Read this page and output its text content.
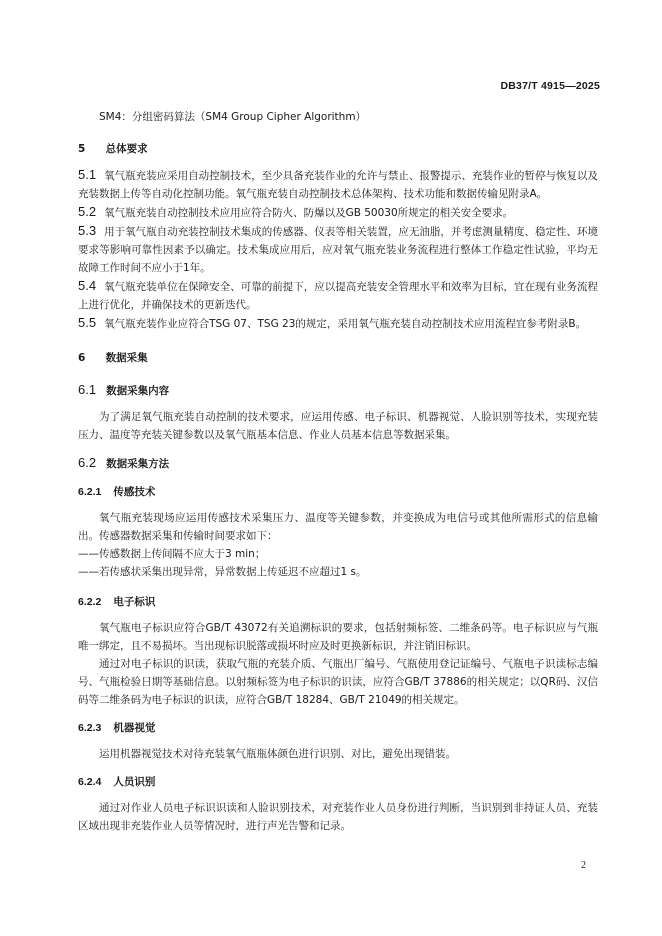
DB37/T 4915—2025

SM4：分组密码算法（SM4 Group Cipher Algorithm）

5 总体要求

5.1 氧气瓶充装应采用自动控制技术，至少具备充装作业的允许与禁止、报警提示、充装作业的暂停与恢复以及充装数据上传等自动化控制功能。氧气瓶充装自动控制技术总体架构、技术功能和数据传输见附录A。

5.2 氧气瓶充装自动控制技术应用应符合防火、防爆以及GB 50030所规定的相关安全要求。

5.3 用于氧气瓶自动充装控制技术集成的传感器、仪表等相关装置，应无油脂，并考虑测量精度、稳定性、环境要求等影响可靠性因素予以确定。技术集成应用后，应对氧气瓶充装业务流程进行整体工作稳定性试验，平均无故障工作时间不应小于1年。

5.4 氧气瓶充装单位在保障安全、可靠的前提下，应以提高充装安全管理水平和效率为目标，宜在现有业务流程上进行优化，并确保技术的更新迭代。

5.5 氧气瓶充装作业应符合TSG 07、TSG 23的规定，采用氧气瓶充装自动控制技术应用流程宜参考附录B。

6 数据采集

6.1 数据采集内容

为了满足氧气瓶充装自动控制的技术要求，应运用传感、电子标识、机器视觉、人脸识别等技术，实现充装压力、温度等充装关键参数以及氧气瓶基本信息、作业人员基本信息等数据采集。

6.2 数据采集方法

6.2.1 传感技术

氧气瓶充装现场应运用传感技术采集压力、温度等关键参数，并变换成为电信号或其他所需形式的信息输出。传感器数据采集和传输时间要求如下：

——传感数据上传间隔不应大于3 min；

——若传感状采集出现异常，异常数据上传延迟不应超过1 s。

6.2.2 电子标识

氧气瓶电子标识应符合GB/T 43072有关追溯标识的要求，包括射频标签、二维条码等。电子标识应与气瓶唯一绑定，且不易损坏。当出现标识脱落或损坏时应及时更换新标识，并注销旧标识。

通过对电子标识的识读，获取气瓶的充装介质、气瓶出厂编号、气瓶使用登记证编号、气瓶电子识读标志编号、气瓶检验日期等基础信息。以射频标签为电子标识的识读，应符合GB/T 37886的相关规定；以QR码、汉信码等二维条码为电子标识的识读，应符合GB/T 18284、GB/T 21049的相关规定。

6.2.3 机器视觉

运用机器视觉技术对待充装氧气瓶瓶体颜色进行识别、对比，避免出现错装。

6.2.4 人员识别

通过对作业人员电子标识识读和人脸识别技术，对充装作业人员身份进行判断，当识别到非持证人员、充装区域出现非充装作业人员等情况时，进行声光告警和记录。

2
